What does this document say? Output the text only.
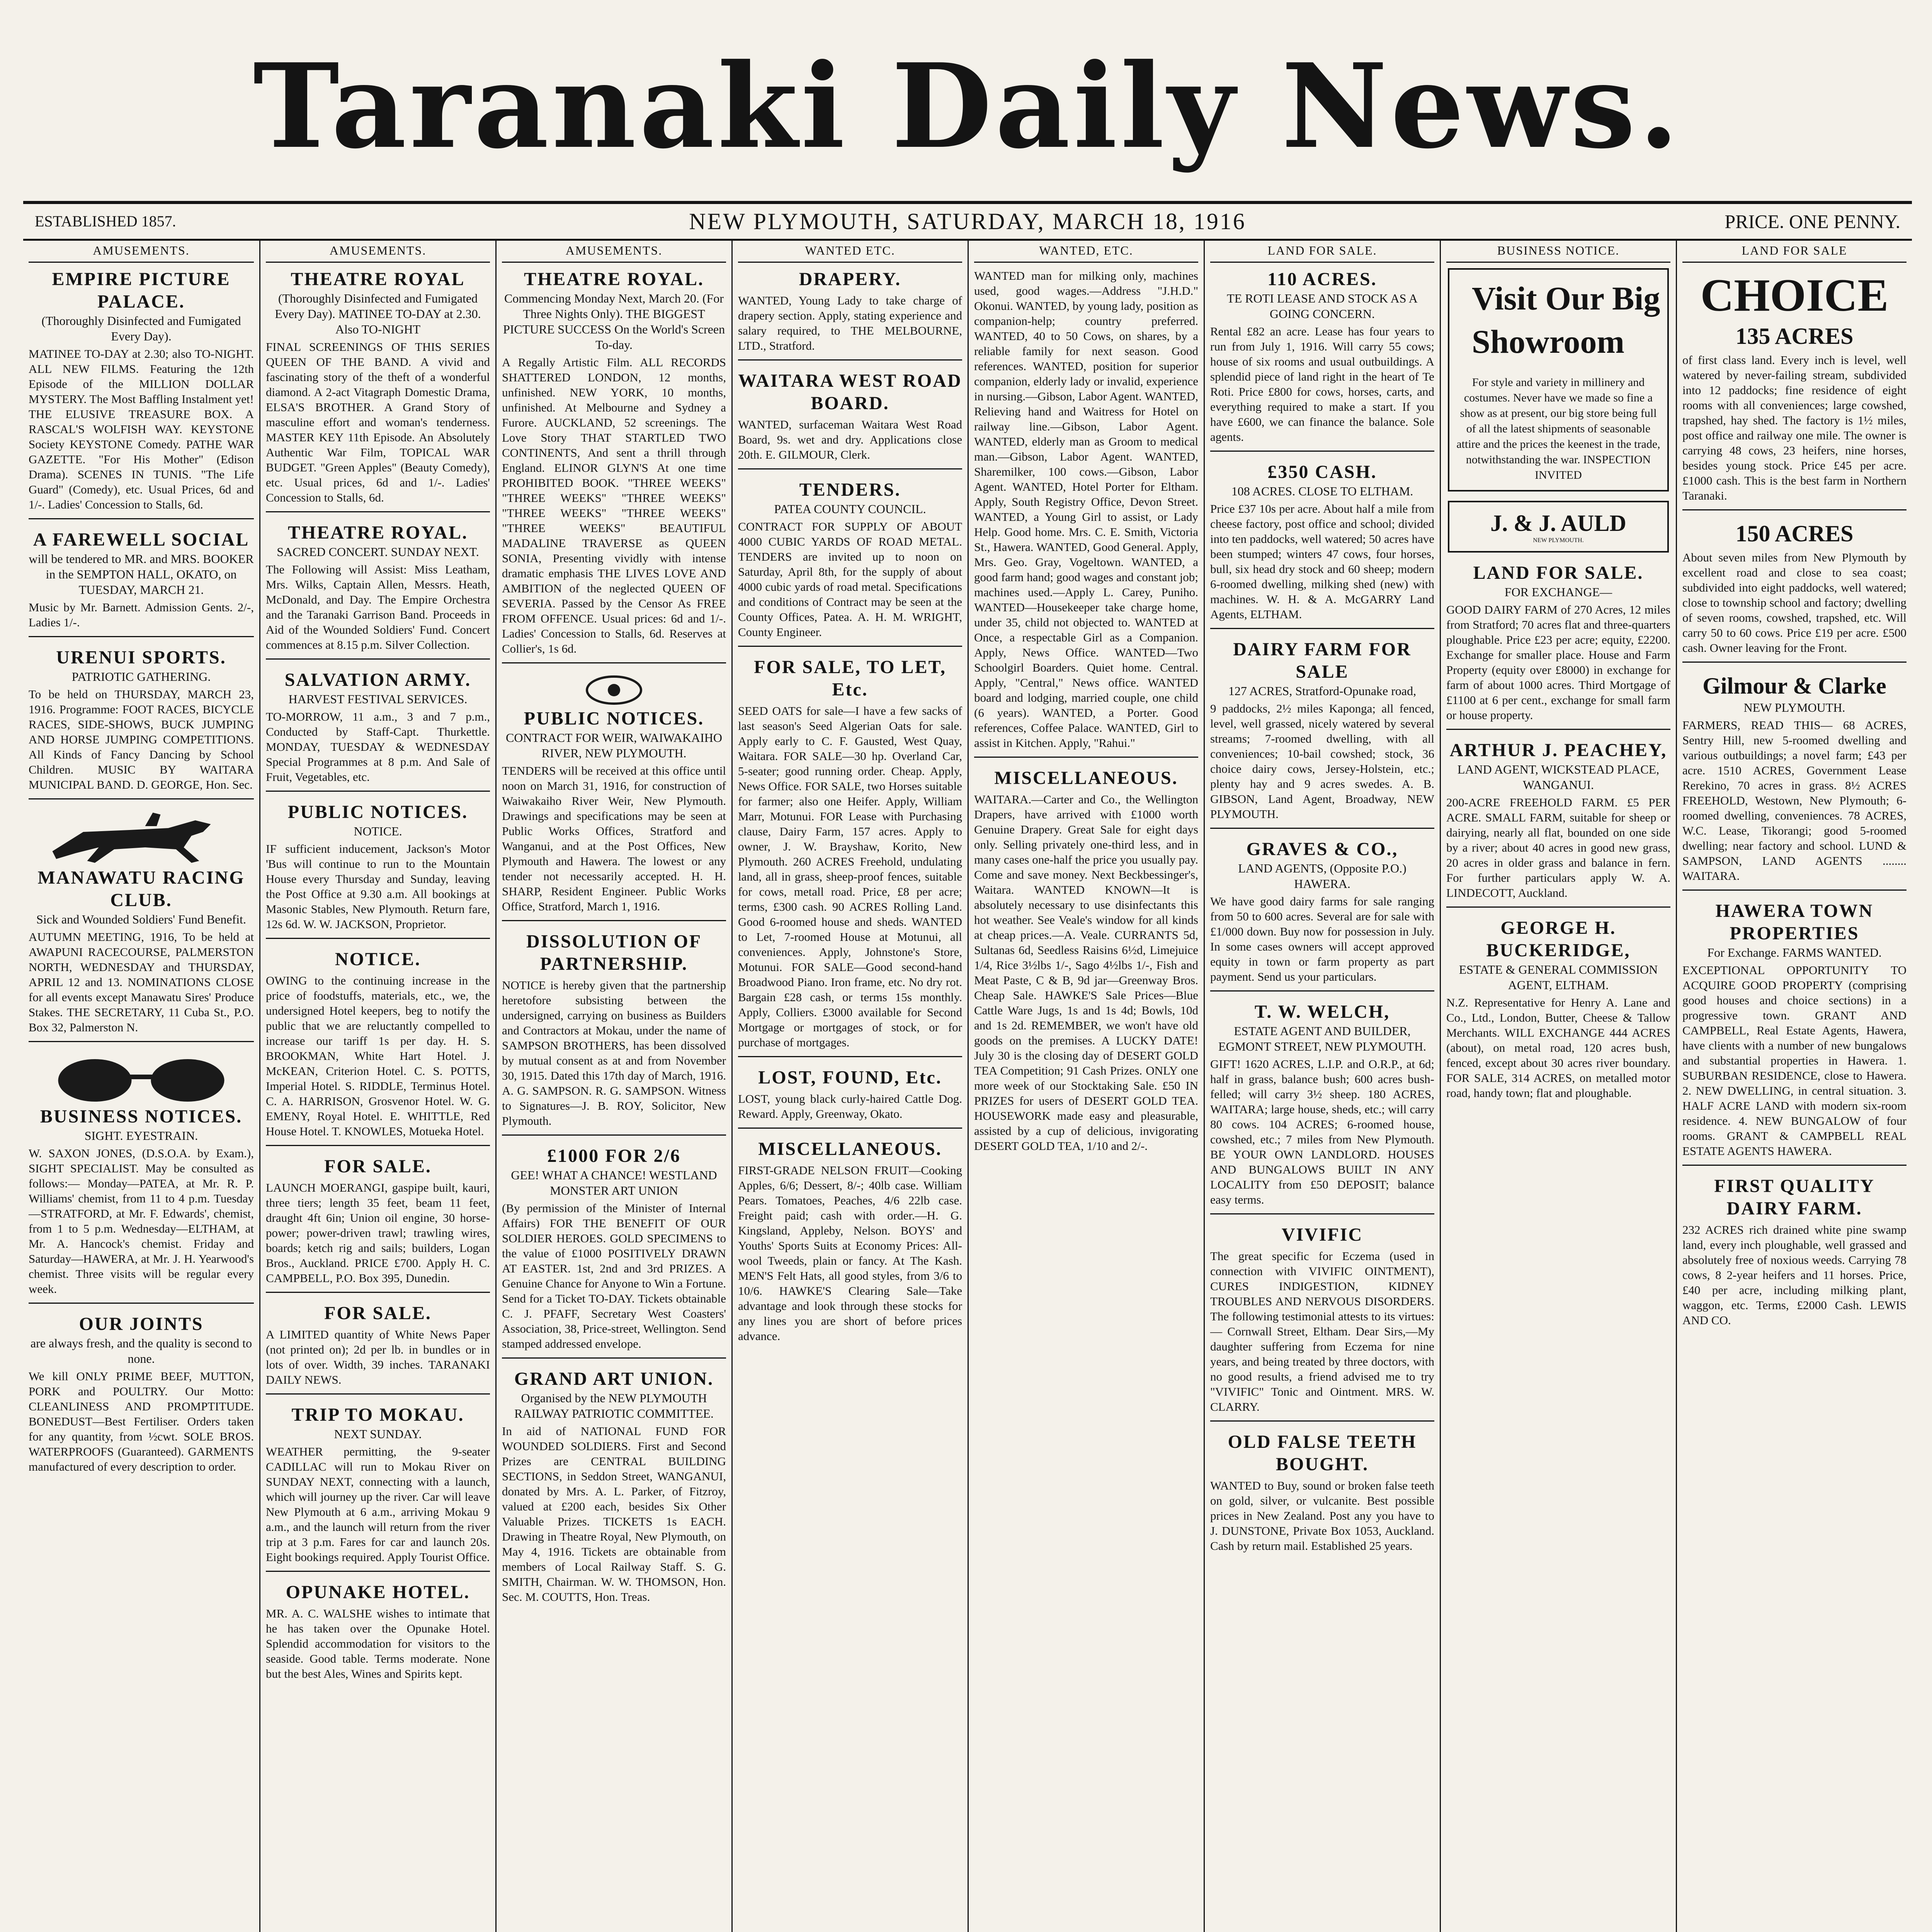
Taranaki Daily News.
ESTABLISHED 1857.	NEW PLYMOUTH, SATURDAY, MARCH 18, 1916	PRICE. ONE PENNY.
AMUSEMENTS.
EMPIRE PICTURE PALACE.
(Thoroughly Disinfected and Fumigated Every Day).
MATINEE TO-DAY at 2.30; also TO-NIGHT. ALL NEW FILMS. Featuring the 12th Episode of the MILLION DOLLAR MYSTERY. The Most Baffling Instalment yet! THE ELUSIVE TREASURE BOX. A RASCAL'S WOLFISH WAY. KEYSTONE Society KEYSTONE Comedy. PATHE WAR GAZETTE. "For His Mother" (Edison Drama). SCENES IN TUNIS. "The Life Guard" (Comedy), etc. Usual Prices, 6d and 1/-. Ladies' Concession to Stalls, 6d.
A FAREWELL SOCIAL
will be tendered to MR. and MRS. BOOKER in the SEMPTON HALL, OKATO, on TUESDAY, MARCH 21.
Music by Mr. Barnett. Admission Gents. 2/-, Ladies 1/-.
URENUI SPORTS.
PATRIOTIC GATHERING.
To be held on THURSDAY, MARCH 23, 1916. Programme: FOOT RACES, BICYCLE RACES, SIDE-SHOWS, BUCK JUMPING AND HORSE JUMPING COMPETITIONS. All Kinds of Fancy Dancing by School Children. MUSIC BY WAITARA MUNICIPAL BAND. D. GEORGE, Hon. Sec.
MANAWATU RACING CLUB.
Sick and Wounded Soldiers' Fund Benefit.
AUTUMN MEETING, 1916, To be held at AWAPUNI RACECOURSE, PALMERSTON NORTH, WEDNESDAY and THURSDAY, APRIL 12 and 13. NOMINATIONS CLOSE for all events except Manawatu Sires' Produce Stakes. THE SECRETARY, 11 Cuba St., P.O. Box 32, Palmerston N.
BUSINESS NOTICES.
SIGHT. EYESTRAIN.
W. SAXON JONES, (D.S.O.A. by Exam.), SIGHT SPECIALIST. May be consulted as follows:— Monday—PATEA, at Mr. R. P. Williams' chemist, from 11 to 4 p.m. Tuesday—STRATFORD, at Mr. F. Edwards', chemist, from 1 to 5 p.m. Wednesday—ELTHAM, at Mr. A. Hancock's chemist. Friday and Saturday—HAWERA, at Mr. J. H. Yearwood's chemist. Three visits will be regular every week.
OUR JOINTS
are always fresh, and the quality is second to none.
We kill ONLY PRIME BEEF, MUTTON, PORK and POULTRY. Our Motto: CLEANLINESS AND PROMPTITUDE. BONEDUST—Best Fertiliser. Orders taken for any quantity, from ½cwt. SOLE BROS. WATERPROOFS (Guaranteed). GARMENTS manufactured of every description to order.
AMUSEMENTS.
THEATRE ROYAL
(Thoroughly Disinfected and Fumigated Every Day). MATINEE TO-DAY at 2.30. Also TO-NIGHT
FINAL SCREENINGS OF THIS SERIES QUEEN OF THE BAND. A vivid and fascinating story of the theft of a wonderful diamond. A 2-act Vitagraph Domestic Drama, ELSA'S BROTHER. A Grand Story of masculine effort and woman's tenderness. MASTER KEY 11th Episode. An Absolutely Authentic War Film, TOPICAL WAR BUDGET. "Green Apples" (Beauty Comedy), etc. Usual prices, 6d and 1/-. Ladies' Concession to Stalls, 6d.
THEATRE ROYAL.
SACRED CONCERT. SUNDAY NEXT.
The Following will Assist: Miss Leatham, Mrs. Wilks, Captain Allen, Messrs. Heath, McDonald, and Day. The Empire Orchestra and the Taranaki Garrison Band. Proceeds in Aid of the Wounded Soldiers' Fund. Concert commences at 8.15 p.m. Silver Collection.
SALVATION ARMY.
HARVEST FESTIVAL SERVICES.
TO-MORROW, 11 a.m., 3 and 7 p.m., Conducted by Staff-Capt. Thurkettle. MONDAY, TUESDAY & WEDNESDAY Special Programmes at 8 p.m. And Sale of Fruit, Vegetables, etc.
PUBLIC NOTICES.
NOTICE.
IF sufficient inducement, Jackson's Motor 'Bus will continue to run to the Mountain House every Thursday and Sunday, leaving the Post Office at 9.30 a.m. All bookings at Masonic Stables, New Plymouth. Return fare, 12s 6d. W. W. JACKSON, Proprietor.
NOTICE.
OWING to the continuing increase in the price of foodstuffs, materials, etc., we, the undersigned Hotel keepers, beg to notify the public that we are reluctantly compelled to increase our tariff 1s per day. H. S. BROOKMAN, White Hart Hotel. J. McKEAN, Criterion Hotel. C. S. POTTS, Imperial Hotel. S. RIDDLE, Terminus Hotel. C. A. HARRISON, Grosvenor Hotel. W. G. EMENY, Royal Hotel. E. WHITTLE, Red House Hotel. T. KNOWLES, Motueka Hotel.
FOR SALE.
LAUNCH MOERANGI, gaspipe built, kauri, three tiers; length 35 feet, beam 11 feet, draught 4ft 6in; Union oil engine, 30 horse-power; power-driven trawl; trawling wires, boards; ketch rig and sails; builders, Logan Bros., Auckland. PRICE £700. Apply H. C. CAMPBELL, P.O. Box 395, Dunedin.
FOR SALE.
A LIMITED quantity of White News Paper (not printed on); 2d per lb. in bundles or in lots of over. Width, 39 inches. TARANAKI DAILY NEWS.
TRIP TO MOKAU.
NEXT SUNDAY.
WEATHER permitting, the 9-seater CADILLAC will run to Mokau River on SUNDAY NEXT, connecting with a launch, which will journey up the river. Car will leave New Plymouth at 6 a.m., arriving Mokau 9 a.m., and the launch will return from the river trip at 3 p.m. Fares for car and launch 20s. Eight bookings required. Apply Tourist Office.
OPUNAKE HOTEL.
MR. A. C. WALSHE wishes to intimate that he has taken over the Opunake Hotel. Splendid accommodation for visitors to the seaside. Good table. Terms moderate. None but the best Ales, Wines and Spirits kept.
AMUSEMENTS.
THEATRE ROYAL.
Commencing Monday Next, March 20. (For Three Nights Only). THE BIGGEST PICTURE SUCCESS On the World's Screen To-day.
A Regally Artistic Film. ALL RECORDS SHATTERED LONDON, 12 months, unfinished. NEW YORK, 10 months, unfinished. At Melbourne and Sydney a Furore. AUCKLAND, 52 screenings. The Love Story THAT STARTLED TWO CONTINENTS, And sent a thrill through England. ELINOR GLYN'S At one time PROHIBITED BOOK. "THREE WEEKS" "THREE WEEKS" "THREE WEEKS" "THREE WEEKS" "THREE WEEKS" "THREE WEEKS" BEAUTIFUL MADALINE TRAVERSE as QUEEN SONIA, Presenting vividly with intense dramatic emphasis THE LIVES LOVE AND AMBITION of the neglected QUEEN OF SEVERIA. Passed by the Censor As FREE FROM OFFENCE. Usual prices: 6d and 1/-. Ladies' Concession to Stalls, 6d. Reserves at Collier's, 1s 6d.
PUBLIC NOTICES.
CONTRACT FOR WEIR, WAIWAKAIHO RIVER, NEW PLYMOUTH.
TENDERS will be received at this office until noon on March 31, 1916, for construction of Waiwakaiho River Weir, New Plymouth. Drawings and specifications may be seen at Public Works Offices, Stratford and Wanganui, and at the Post Offices, New Plymouth and Hawera. The lowest or any tender not necessarily accepted. H. H. SHARP, Resident Engineer. Public Works Office, Stratford, March 1, 1916.
DISSOLUTION OF PARTNERSHIP.
NOTICE is hereby given that the partnership heretofore subsisting between the undersigned, carrying on business as Builders and Contractors at Mokau, under the name of SAMPSON BROTHERS, has been dissolved by mutual consent as at and from November 30, 1915. Dated this 17th day of March, 1916. A. G. SAMPSON. R. G. SAMPSON. Witness to Signatures—J. B. ROY, Solicitor, New Plymouth.
£1000 FOR 2/6
GEE! WHAT A CHANCE! WESTLAND MONSTER ART UNION
(By permission of the Minister of Internal Affairs) FOR THE BENEFIT OF OUR SOLDIER HEROES. GOLD SPECIMENS to the value of £1000 POSITIVELY DRAWN AT EASTER. 1st, 2nd and 3rd PRIZES. A Genuine Chance for Anyone to Win a Fortune. Send for a Ticket TO-DAY. Tickets obtainable C. J. PFAFF, Secretary West Coasters' Association, 38, Price-street, Wellington. Send stamped addressed envelope.
GRAND ART UNION.
Organised by the NEW PLYMOUTH RAILWAY PATRIOTIC COMMITTEE.
In aid of NATIONAL FUND FOR WOUNDED SOLDIERS. First and Second Prizes are CENTRAL BUILDING SECTIONS, in Seddon Street, WANGANUI, donated by Mrs. A. L. Parker, of Fitzroy, valued at £200 each, besides Six Other Valuable Prizes. TICKETS 1s EACH. Drawing in Theatre Royal, New Plymouth, on May 4, 1916. Tickets are obtainable from members of Local Railway Staff. S. G. SMITH, Chairman. W. W. THOMSON, Hon. Sec. M. COUTTS, Hon. Treas.
WANTED ETC.
DRAPERY.
WANTED, Young Lady to take charge of drapery section. Apply, stating experience and salary required, to THE MELBOURNE, LTD., Stratford.
WAITARA WEST ROAD BOARD.
WANTED, surfaceman Waitara West Road Board, 9s. wet and dry. Applications close 20th. E. GILMOUR, Clerk.
TENDERS.
PATEA COUNTY COUNCIL.
CONTRACT FOR SUPPLY OF ABOUT 4000 CUBIC YARDS OF ROAD METAL. TENDERS are invited up to noon on Saturday, April 8th, for the supply of about 4000 cubic yards of road metal. Specifications and conditions of Contract may be seen at the County Offices, Patea. A. H. M. WRIGHT, County Engineer.
FOR SALE, TO LET, Etc.
SEED OATS for sale—I have a few sacks of last season's Seed Algerian Oats for sale. Apply early to C. F. Gausted, West Quay, Waitara. FOR SALE—30 hp. Overland Car, 5-seater; good running order. Cheap. Apply, News Office. FOR SALE, two Horses suitable for farmer; also one Heifer. Apply, William Marr, Motunui. FOR Lease with Purchasing clause, Dairy Farm, 157 acres. Apply to owner, J. W. Brayshaw, Korito, New Plymouth. 260 ACRES Freehold, undulating land, all in grass, sheep-proof fences, suitable for cows, metall road. Price, £8 per acre; terms, £300 cash. 90 ACRES Rolling Land. Good 6-roomed house and sheds. WANTED to Let, 7-roomed House at Motunui, all conveniences. Apply, Johnstone's Store, Motunui. FOR SALE—Good second-hand Broadwood Piano. Iron frame, etc. No dry rot. Bargain £28 cash, or terms 15s monthly. Apply, Colliers. £3000 available for Second Mortgage or mortgages of stock, or for purchase of mortgages.
LOST, FOUND, Etc.
LOST, young black curly-haired Cattle Dog. Reward. Apply, Greenway, Okato.
MISCELLANEOUS.
FIRST-GRADE NELSON FRUIT—Cooking Apples, 6/6; Dessert, 8/-; 40lb case. William Pears. Tomatoes, Peaches, 4/6 22lb case. Freight paid; cash with order.—H. G. Kingsland, Appleby, Nelson. BOYS' and Youths' Sports Suits at Economy Prices: All-wool Tweeds, plain or fancy. At The Kash. MEN'S Felt Hats, all good styles, from 3/6 to 10/6. HAWKE'S Clearing Sale—Take advantage and look through these stocks for any lines you are short of before prices advance.
WANTED, ETC.
WANTED man for milking only, machines used, good wages.—Address "J.H.D." Okonui. WANTED, by young lady, position as companion-help; country preferred. WANTED, 40 to 50 Cows, on shares, by a reliable family for next season. Good references. WANTED, position for superior companion, elderly lady or invalid, experience in nursing.—Gibson, Labor Agent. WANTED, Relieving hand and Waitress for Hotel on railway line.—Gibson, Labor Agent. WANTED, elderly man as Groom to medical man.—Gibson, Labor Agent. WANTED, Sharemilker, 100 cows.—Gibson, Labor Agent. WANTED, Hotel Porter for Eltham. Apply, South Registry Office, Devon Street. WANTED, a Young Girl to assist, or Lady Help. Good home. Mrs. C. E. Smith, Victoria St., Hawera. WANTED, Good General. Apply, Mrs. Geo. Gray, Vogeltown. WANTED, a good farm hand; good wages and constant job; machines used.—Apply L. Carey, Puniho. WANTED—Housekeeper take charge home, under 35, child not objected to. WANTED at Once, a respectable Girl as a Companion. Apply, News Office. WANTED—Two Schoolgirl Boarders. Quiet home. Central. Apply, "Central," News office. WANTED board and lodging, married couple, one child (6 years). WANTED, a Porter. Good references, Coffee Palace. WANTED, Girl to assist in Kitchen. Apply, "Rahui."
MISCELLANEOUS.
WAITARA.—Carter and Co., the Wellington Drapers, have arrived with £1000 worth Genuine Drapery. Great Sale for eight days only. Selling privately one-third less, and in many cases one-half the price you usually pay. Come and save money. Next Beckbessinger's, Waitara. WANTED KNOWN—It is absolutely necessary to use disinfectants this hot weather. See Veale's window for all kinds at cheap prices.—A. Veale. CURRANTS 5d, Sultanas 6d, Seedless Raisins 6½d, Limejuice 1/4, Rice 3½lbs 1/-, Sago 4½lbs 1/-, Fish and Meat Paste, C & B, 9d jar—Greenway Bros. Cheap Sale. HAWKE'S Sale Prices—Blue Cattle Ware Jugs, 1s and 1s 4d; Bowls, 10d and 1s 2d. REMEMBER, we won't have old goods on the premises. A LUCKY DATE! July 30 is the closing day of DESERT GOLD TEA Competition; 91 Cash Prizes. ONLY one more week of our Stocktaking Sale. £50 IN PRIZES for users of DESERT GOLD TEA. HOUSEWORK made easy and pleasurable, assisted by a cup of delicious, invigorating DESERT GOLD TEA, 1/10 and 2/-.
LAND FOR SALE.
110 ACRES.
TE ROTI LEASE AND STOCK AS A GOING CONCERN.
Rental £82 an acre. Lease has four years to run from July 1, 1916. Will carry 55 cows; house of six rooms and usual outbuildings. A splendid piece of land right in the heart of Te Roti. Price £800 for cows, horses, carts, and everything required to make a start. If you have £600, we can finance the balance. Sole agents.
£350 CASH.
108 ACRES. CLOSE TO ELTHAM.
Price £37 10s per acre. About half a mile from cheese factory, post office and school; divided into ten paddocks, well watered; 50 acres have been stumped; winters 47 cows, four horses, bull, six head dry stock and 60 sheep; modern 6-roomed dwelling, milking shed (new) with machines. W. H. & A. McGARRY Land Agents, ELTHAM.
DAIRY FARM FOR SALE
127 ACRES, Stratford-Opunake road,
9 paddocks, 2½ miles Kaponga; all fenced, level, well grassed, nicely watered by several streams; 7-roomed dwelling, with all conveniences; 10-bail cowshed; stock, 36 choice dairy cows, Jersey-Holstein, etc.; plenty hay and 9 acres swedes. A. B. GIBSON, Land Agent, Broadway, NEW PLYMOUTH.
GRAVES & CO.,
LAND AGENTS, (Opposite P.O.) HAWERA.
We have good dairy farms for sale ranging from 50 to 600 acres. Several are for sale with £1/000 down. Buy now for possession in July. In some cases owners will accept approved equity in town or farm property as part payment. Send us your particulars.
T. W. WELCH,
ESTATE AGENT AND BUILDER, EGMONT STREET, NEW PLYMOUTH.
GIFT! 1620 ACRES, L.I.P. and O.R.P., at 6d; half in grass, balance bush; 600 acres bush-felled; will carry 3½ sheep. 180 ACRES, WAITARA; large house, sheds, etc.; will carry 80 cows. 104 ACRES; 6-roomed house, cowshed, etc.; 7 miles from New Plymouth. BE YOUR OWN LANDLORD. HOUSES AND BUNGALOWS BUILT IN ANY LOCALITY from £50 DEPOSIT; balance easy terms.
VIVIFIC
The great specific for Eczema (used in connection with VIVIFIC OINTMENT), CURES INDIGESTION, KIDNEY TROUBLES AND NERVOUS DISORDERS. The following testimonial attests to its virtues:— Cornwall Street, Eltham. Dear Sirs,—My daughter suffering from Eczema for nine years, and being treated by three doctors, with no good results, a friend advised me to try "VIVIFIC" Tonic and Ointment. MRS. W. CLARRY.
OLD FALSE TEETH BOUGHT.
WANTED to Buy, sound or broken false teeth on gold, silver, or vulcanite. Best possible prices in New Zealand. Post any you have to J. DUNSTONE, Private Box 1053, Auckland. Cash by return mail. Established 25 years.
BUSINESS NOTICE.
Visit Our Big Showroom
For style and variety in millinery and costumes. Never have we made so fine a show as at present, our big store being full of all the latest shipments of seasonable attire and the prices the keenest in the trade, notwithstanding the war. INSPECTION INVITED
J. & J. AULD
NEW PLYMOUTH.
LAND FOR SALE.
FOR EXCHANGE—
GOOD DAIRY FARM of 270 Acres, 12 miles from Stratford; 70 acres flat and three-quarters ploughable. Price £23 per acre; equity, £2200. Exchange for smaller place. House and Farm Property (equity over £8000) in exchange for farm of about 1000 acres. Third Mortgage of £1100 at 6 per cent., exchange for small farm or house property.
ARTHUR J. PEACHEY,
LAND AGENT, WICKSTEAD PLACE, WANGANUI.
200-ACRE FREEHOLD FARM. £5 PER ACRE. SMALL FARM, suitable for sheep or dairying, nearly all flat, bounded on one side by a river; about 40 acres in good new grass, 20 acres in older grass and balance in fern. For further particulars apply W. A. LINDECOTT, Auckland.
GEORGE H. BUCKERIDGE,
ESTATE & GENERAL COMMISSION AGENT, ELTHAM.
N.Z. Representative for Henry A. Lane and Co., Ltd., London, Butter, Cheese & Tallow Merchants. WILL EXCHANGE 444 ACRES (about), on metal road, 120 acres bush, fenced, except about 30 acres river boundary. FOR SALE, 314 ACRES, on metalled motor road, handy town; flat and ploughable.
LAND FOR SALE
CHOICE
135 ACRES
of first class land. Every inch is level, well watered by never-failing stream, subdivided into 12 paddocks; fine residence of eight rooms with all conveniences; large cowshed, trapshed, hay shed. The factory is 1½ miles, post office and railway one mile. The owner is carrying 48 cows, 23 heifers, nine horses, besides young stock. Price £45 per acre. £1000 cash. This is the best farm in Northern Taranaki.
150 ACRES
About seven miles from New Plymouth by excellent road and close to sea coast; subdivided into eight paddocks, well watered; close to township school and factory; dwelling of seven rooms, cowshed, trapshed, etc. Will carry 50 to 60 cows. Price £19 per acre. £500 cash. Owner leaving for the Front.
Gilmour & Clarke
NEW PLYMOUTH.
FARMERS, READ THIS— 68 ACRES, Sentry Hill, new 5-roomed dwelling and various outbuildings; a novel farm; £43 per acre. 1510 ACRES, Government Lease Rerekino, 70 acres in grass. 8½ ACRES FREEHOLD, Westown, New Plymouth; 6-roomed dwelling, conveniences. 78 ACRES, W.C. Lease, Tikorangi; good 5-roomed dwelling; near factory and school. LUND & SAMPSON, LAND AGENTS ........ WAITARA.
HAWERA TOWN PROPERTIES
For Exchange. FARMS WANTED.
EXCEPTIONAL OPPORTUNITY TO ACQUIRE GOOD PROPERTY (comprising good houses and choice sections) in a progressive town. GRANT AND CAMPBELL, Real Estate Agents, Hawera, have clients with a number of new bungalows and substantial properties in Hawera. 1. SUBURBAN RESIDENCE, close to Hawera. 2. NEW DWELLING, in central situation. 3. HALF ACRE LAND with modern six-room residence. 4. NEW BUNGALOW of four rooms. GRANT & CAMPBELL REAL ESTATE AGENTS HAWERA.
FIRST QUALITY DAIRY FARM.
232 ACRES rich drained white pine swamp land, every inch ploughable, well grassed and absolutely free of noxious weeds. Carrying 78 cows, 8 2-year heifers and 11 horses. Price, £40 per acre, including milking plant, waggon, etc. Terms, £2000 Cash. LEWIS AND CO.
